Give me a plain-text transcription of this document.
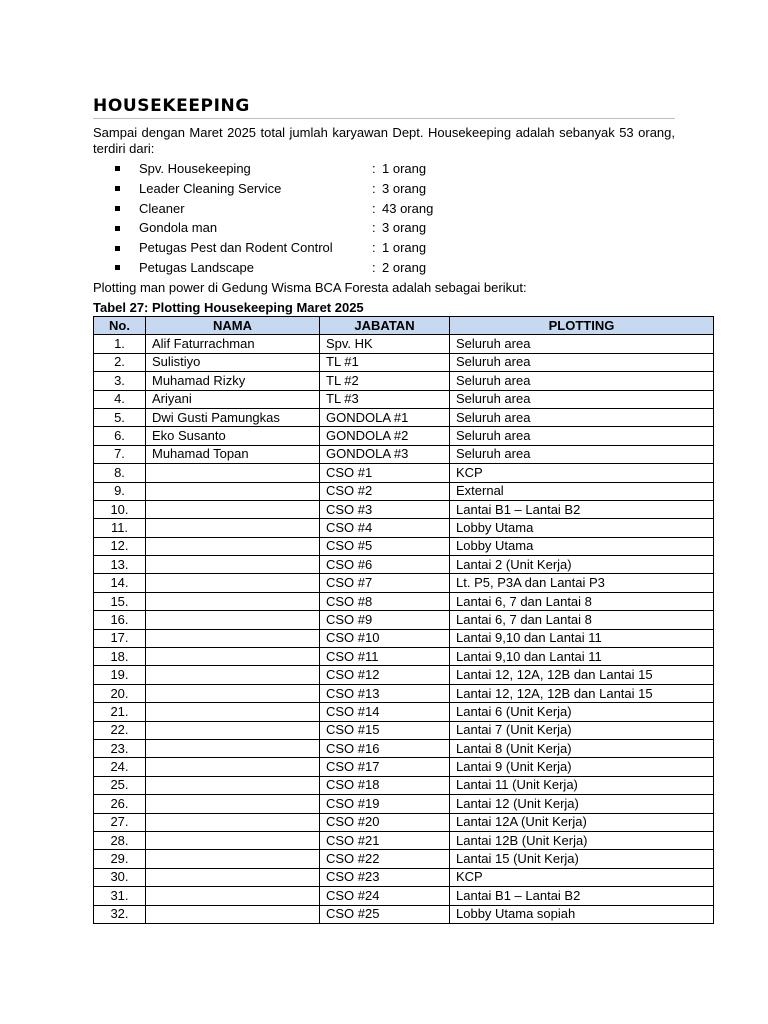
HOUSEKEEPING
Sampai dengan Maret 2025 total jumlah karyawan Dept. Housekeeping adalah sebanyak 53 orang, terdiri dari:
Spv. Housekeeping	: 1 orang
Leader Cleaning Service	: 3 orang
Cleaner	: 43 orang
Gondola man	: 3 orang
Petugas Pest dan Rodent Control	: 1 orang
Petugas Landscape	: 2 orang
Plotting man power di Gedung Wisma BCA Foresta adalah sebagai berikut:
Tabel 27: Plotting Housekeeping Maret 2025
No.	NAMA	JABATAN	PLOTTING
1.	Alif Faturrachman	Spv. HK	Seluruh area
2.	Sulistiyo	TL #1	Seluruh area
3.	Muhamad Rizky	TL #2	Seluruh area
4.	Ariyani	TL #3	Seluruh area
5.	Dwi Gusti Pamungkas	GONDOLA #1	Seluruh area
6.	Eko Susanto	GONDOLA #2	Seluruh area
7.	Muhamad Topan	GONDOLA #3	Seluruh area
8.		CSO #1	KCP
9.		CSO #2	External
10.		CSO #3	Lantai B1 – Lantai B2
11.		CSO #4	Lobby Utama
12.		CSO #5	Lobby Utama
13.		CSO #6	Lantai 2 (Unit Kerja)
14.		CSO #7	Lt. P5, P3A dan Lantai P3
15.		CSO #8	Lantai 6, 7 dan Lantai 8
16.		CSO #9	Lantai 6, 7 dan Lantai 8
17.		CSO #10	Lantai 9,10 dan Lantai 11
18.		CSO #11	Lantai 9,10 dan Lantai 11
19.		CSO #12	Lantai 12, 12A, 12B dan Lantai 15
20.		CSO #13	Lantai 12, 12A, 12B dan Lantai 15
21.		CSO #14	Lantai 6 (Unit Kerja)
22.		CSO #15	Lantai 7 (Unit Kerja)
23.		CSO #16	Lantai 8 (Unit Kerja)
24.		CSO #17	Lantai 9 (Unit Kerja)
25.		CSO #18	Lantai 11 (Unit Kerja)
26.		CSO #19	Lantai 12 (Unit Kerja)
27.		CSO #20	Lantai 12A (Unit Kerja)
28.		CSO #21	Lantai 12B (Unit Kerja)
29.		CSO #22	Lantai 15 (Unit Kerja)
30.		CSO #23	KCP
31.		CSO #24	Lantai B1 – Lantai B2
32.		CSO #25	Lobby Utama sopiah
